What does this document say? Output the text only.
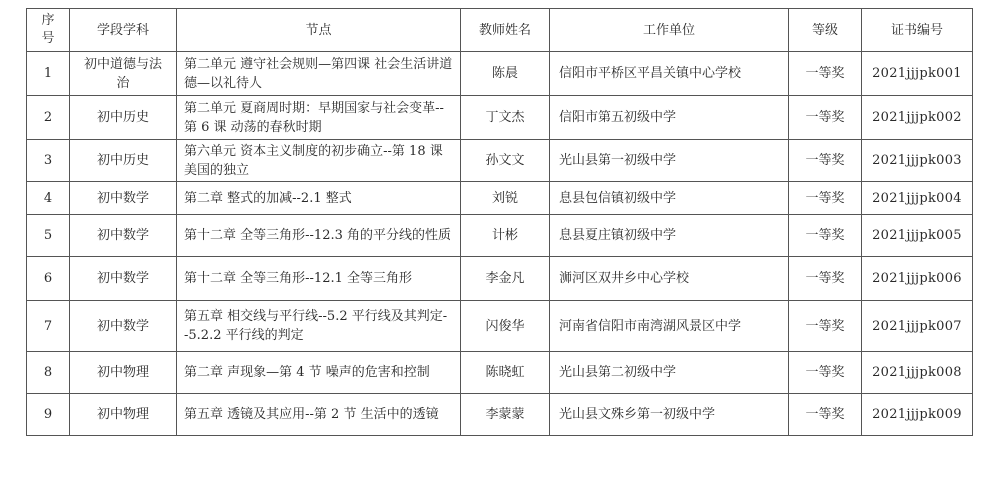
序号	学段学科	节点	教师姓名	工作单位	等级	证书编号
1	初中道德与法治	第二单元 遵守社会规则—第四课 社会生活讲道德—以礼待人	陈晨	信阳市平桥区平昌关镇中心学校	一等奖	2021jjjpk001
2	初中历史	第二单元 夏商周时期：早期国家与社会变革--第 6 课 动荡的春秋时期	丁文杰	信阳市第五初级中学	一等奖	2021jjjpk002
3	初中历史	第六单元 资本主义制度的初步确立--第 18 课 美国的独立	孙文文	光山县第一初级中学	一等奖	2021jjjpk003
4	初中数学	第二章 整式的加减--2.1 整式	刘锐	息县包信镇初级中学	一等奖	2021jjjpk004
5	初中数学	第十二章 全等三角形--12.3 角的平分线的性质	计彬	息县夏庄镇初级中学	一等奖	2021jjjpk005
6	初中数学	第十二章 全等三角形--12.1 全等三角形	李金凡	浉河区双井乡中心学校	一等奖	2021jjjpk006
7	初中数学	第五章 相交线与平行线--5.2 平行线及其判定--5.2.2 平行线的判定	闪俊华	河南省信阳市南湾湖风景区中学	一等奖	2021jjjpk007
8	初中物理	第二章 声现象—第 4 节 噪声的危害和控制	陈晓虹	光山县第二初级中学	一等奖	2021jjjpk008
9	初中物理	第五章 透镜及其应用--第 2 节 生活中的透镜	李蒙蒙	光山县文殊乡第一初级中学	一等奖	2021jjjpk009
